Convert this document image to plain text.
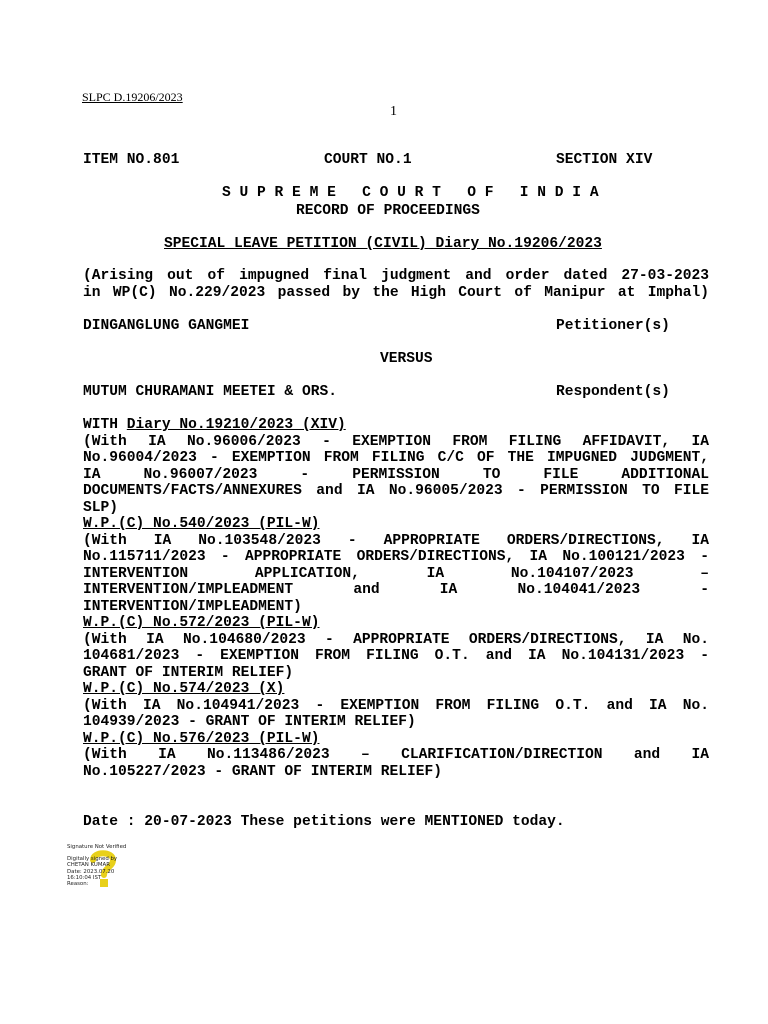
SLPC D.19206/2023
1
ITEM NO.801	COURT NO.1	SECTION XIV
S U P R E M E   C O U R T   O F   I N D I A
RECORD OF PROCEEDINGS
SPECIAL LEAVE PETITION (CIVIL) Diary No.19206/2023
(Arising out of impugned final judgment and order dated 27-03-2023
in WP(C) No.229/2023 passed by the High Court of Manipur at Imphal)
DINGANGLUNG GANGMEI	Petitioner(s)
VERSUS
MUTUM CHURAMANI MEETEI & ORS.	Respondent(s)
WITH Diary No.19210/2023 (XIV)
(With IA No.96006/2023 - EXEMPTION FROM FILING AFFIDAVIT, IA
No.96004/2023 - EXEMPTION FROM FILING C/C OF THE IMPUGNED JUDGMENT,
IA No.96007/2023 - PERMISSION TO FILE ADDITIONAL
DOCUMENTS/FACTS/ANNEXURES and IA No.96005/2023 - PERMISSION TO FILE
SLP)
W.P.(C) No.540/2023 (PIL-W)
(With IA No.103548/2023 - APPROPRIATE ORDERS/DIRECTIONS, IA
No.115711/2023 - APPROPRIATE ORDERS/DIRECTIONS, IA No.100121/2023 -
INTERVENTION APPLICATION, IA No.104107/2023 –
INTERVENTION/IMPLEADMENT and IA No.104041/2023 -
INTERVENTION/IMPLEADMENT)
W.P.(C) No.572/2023 (PIL-W)
(With IA No.104680/2023 - APPROPRIATE ORDERS/DIRECTIONS, IA No.
104681/2023 - EXEMPTION FROM FILING O.T. and IA No.104131/2023 -
GRANT OF INTERIM RELIEF)
W.P.(C) No.574/2023 (X)
(With IA No.104941/2023 - EXEMPTION FROM FILING O.T. and IA No.
104939/2023 - GRANT OF INTERIM RELIEF)
W.P.(C) No.576/2023 (PIL-W)
(With IA No.113486/2023 – CLARIFICATION/DIRECTION and IA
No.105227/2023 - GRANT OF INTERIM RELIEF)
Date : 20-07-2023 These petitions were MENTIONED today.
Signature Not Verified
Digitally signed by
CHETAN KUMAR
Date: 2023.07.20
16:10:04 IST
Reason:
